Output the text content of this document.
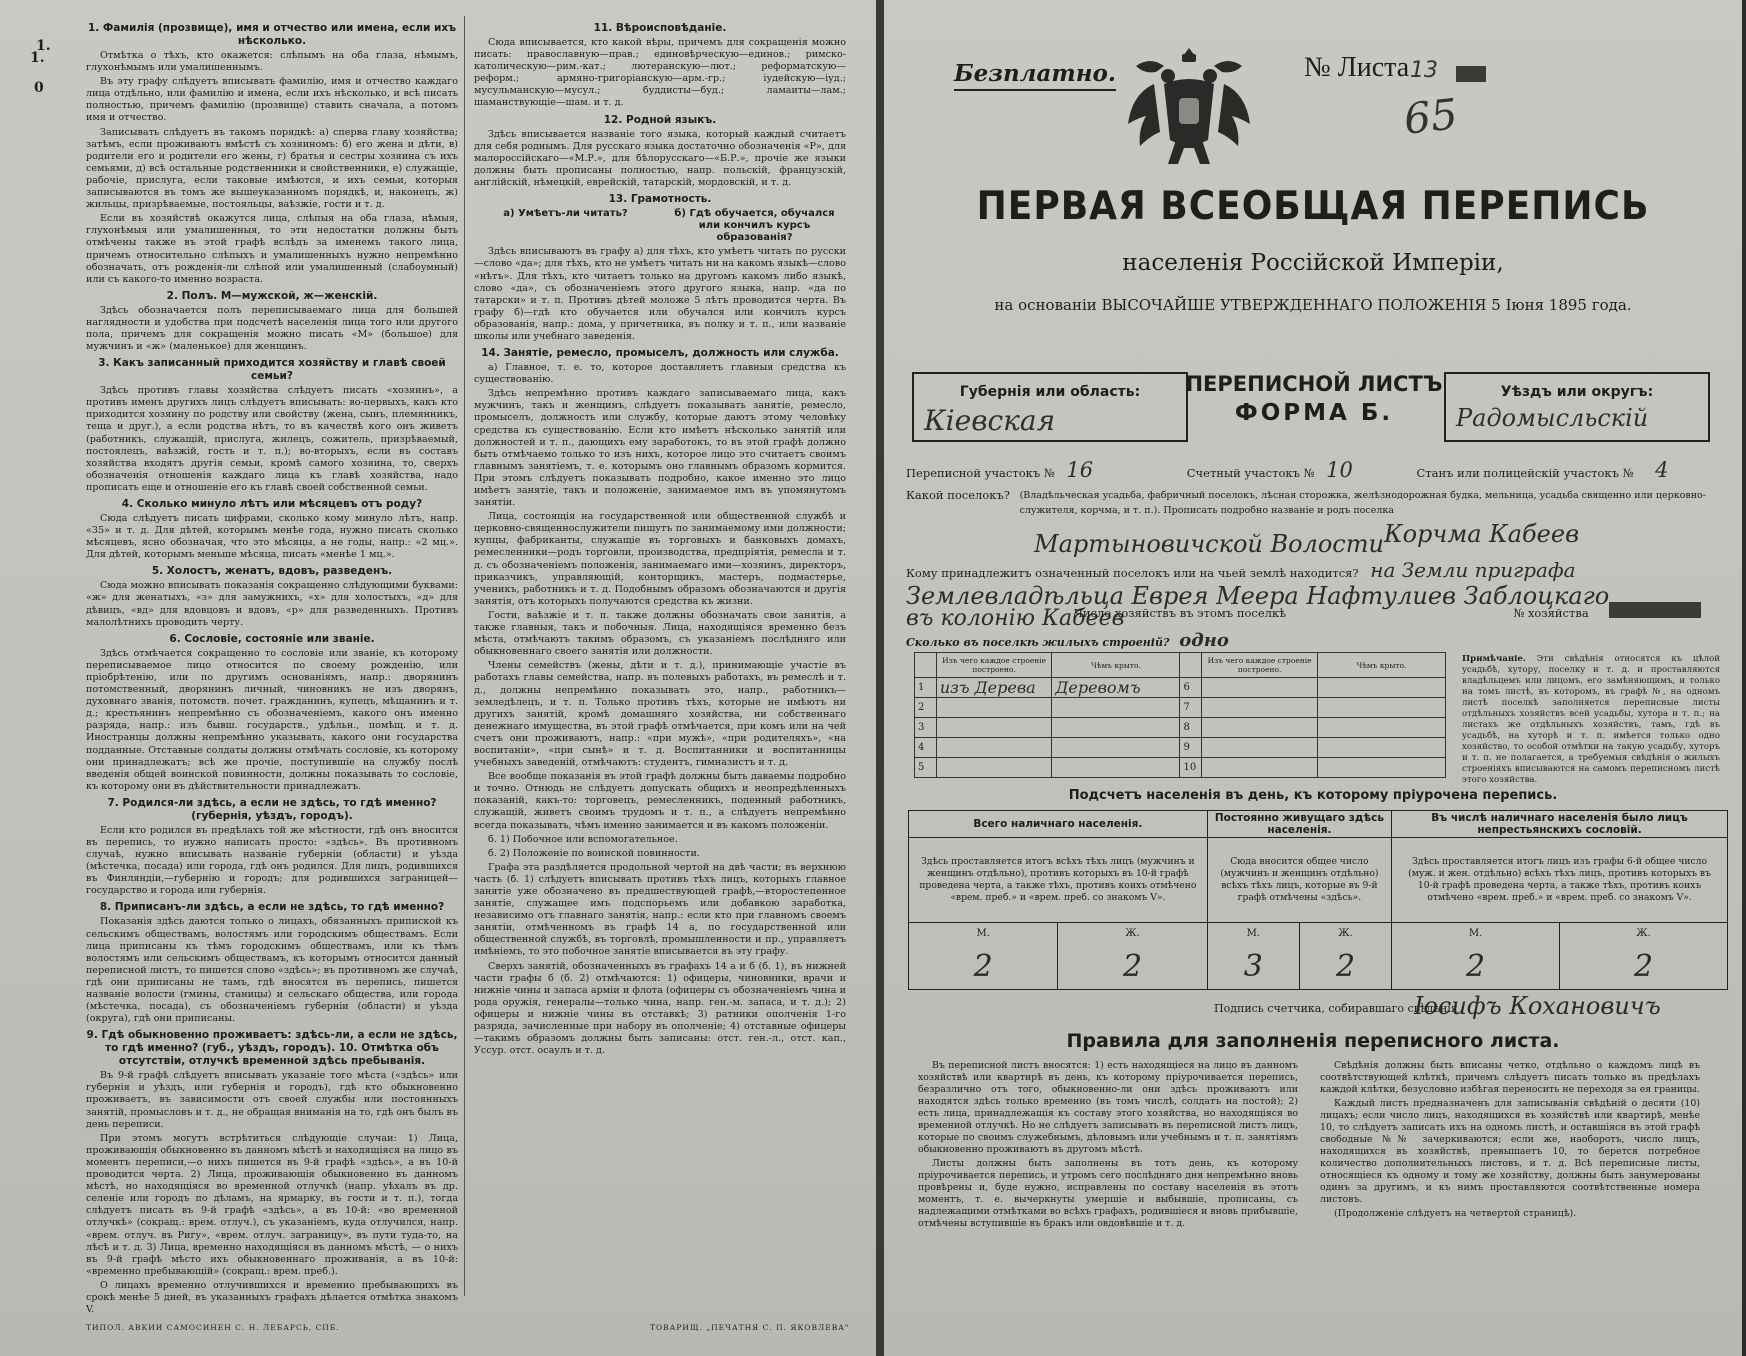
1.
1.
0
1. Фамилія (прозвище), имя и отчество или имена, если ихъ нѣсколько.

Отмѣтка о тѣхъ, кто окажется: слѣпымъ на оба глаза, нѣмымъ, глухонѣмымъ или умалишеннымъ.

Въ эту графу слѣдуетъ вписывать фамилію, имя и отчество каждаго лица отдѣльно, или фамилію и имена, если ихъ нѣсколько, и всѣ писать полностью, причемъ фамилію (прозвище) ставить сначала, а потомъ имя и отчество.

Записывать слѣдуетъ въ такомъ порядкѣ: а) сперва главу хозяйства; затѣмъ, если проживаютъ вмѣстѣ съ хозяиномъ: б) его жена и дѣти, в) родители его и родители его жены, г) братья и сестры хозяина съ ихъ семьями, д) всѣ остальные родственники и свойственники, е) служащіе, рабочіе, прислуга, если таковые имѣются, и ихъ семьи, которыя записываются въ томъ же вышеуказанномъ порядкѣ, и, наконецъ, ж) жильцы, призрѣваемые, постояльцы, ваѣзжіе, гости и т. д.

Если въ хозяйствѣ окажутся лица, слѣпыя на оба глаза, нѣмыя, глухонѣмыя или умалишенныя, то эти недостатки должны быть отмѣчены также въ этой графѣ вслѣдъ за именемъ такого лица, причемъ относительно слѣпыхъ и умалишенныхъ нужно непремѣнно обозначать, отъ рожденія-ли слѣпой или умалишенный (слабоумный) или съ какого-то именно возраста.

2. Полъ. М—мужской, ж—женскій.

Здѣсь обозначается полъ переписываемаго лица для большей наглядности и удобства при подсчетѣ населенія лица того или другого пола, причемъ для сокращенія можно писать «М» (большое) для мужчинъ и «ж» (маленькое) для женщинъ.

3. Какъ записанный приходится хозяйству и главѣ своей семьи?

Здѣсь противъ главы хозяйства слѣдуетъ писать «хозяинъ», а противъ именъ другихъ лицъ слѣдуетъ вписывать: во-первыхъ, какъ кто приходится хозяину по родству или свойству (жена, сынъ, племянникъ, теща и друг.), а если родства нѣтъ, то въ качествѣ кого онъ живетъ (работникъ, служащій, прислуга, жилецъ, сожитель, призрѣваемый, постоялецъ, ваѣзжій, гость и т. п.); во-вторыхъ, если въ составъ хозяйства входятъ другія семьи, кромѣ самого хозяина, то, сверхъ обозначенія отношенія каждаго лица къ главѣ хозяйства, надо прописать еще и отношеніе его къ главѣ своей собственной семьи.

4. Сколько минуло лѣтъ или мѣсяцевъ отъ роду?

Сюда слѣдуетъ писать цифрами, сколько кому минуло лѣтъ, напр. «35» и т. д. Для дѣтей, которымъ менѣе года, нужно писать сколько мѣсяцевъ, ясно обозначая, что это мѣсяцы, а не годы, напр.: «2 мц.». Для дѣтей, которымъ меньше мѣсяца, писать «менѣе 1 мц.».

5. Холостъ, женатъ, вдовъ, разведенъ.

Сюда можно вписывать показанія сокращенно слѣдующими буквами: «ж» для женатыхъ, «з» для замужнихъ, «х» для холостыхъ, «д» для дѣвицъ, «вд» для вдовцовъ и вдовъ, «р» для разведенныхъ. Противъ малолѣтнихъ проводить черту.

6. Сословіе, состояніе или званіе.

Здѣсь отмѣчается сокращенно то сословіе или званіе, къ которому переписываемое лицо относится по своему рожденію, или пріобрѣтенію, или по другимъ основаніямъ, напр.: дворянинъ потомственный, дворянинъ личный, чиновникъ не изъ дворянъ, духовнаго званія, потомств. почет. гражданинъ, купецъ, мѣщанинъ и т. д.; крестьянинъ непремѣнно съ обозначеніемъ, какого онъ именно разряда, напр.: изъ бывш. государств., удѣльн., помѣщ. и т. д. Иностранцы должны непремѣнно указывать, какого они государства подданные. Отставные солдаты должны отмѣчать сословіе, къ которому они принадлежатъ; всѣ же прочіе, поступившіе на службу послѣ введенія общей воинской повинности, должны показывать то сословіе, къ которому они въ дѣйствительности принадлежатъ.

7. Родился-ли здѣсь, а если не здѣсь, то гдѣ именно? (губернія, уѣздъ, городъ).

Если кто родился въ предѣлахъ той же мѣстности, гдѣ онъ вносится въ перепись, то нужно написать просто: «здѣсь». Въ противномъ случаѣ, нужно вписывать названіе губерніи (области) и уѣзда (мѣстечка, посада) или города, гдѣ онъ родился. Для лицъ, родившихся въ Финляндіи,—губернію и городъ; для родившихся заграницей—государство и города или губернія.

8. Приписанъ-ли здѣсь, а если не здѣсь, то гдѣ именно?

Показанія здѣсь даются только о лицахъ, обязанныхъ припиской къ сельскимъ обществамъ, волостямъ или городскимъ обществамъ. Если лица приписаны къ тѣмъ городскимъ обществамъ, или къ тѣмъ волостямъ или сельскимъ обществамъ, къ которымъ относится данный переписной листъ, то пишется слово «здѣсь»; въ противномъ же случаѣ, гдѣ они приписаны не тамъ, гдѣ вносятся въ перепись, пишется названіе волости (гмины, станицы) и сельскаго общества, или города (мѣстечка, посада), съ обозначеніемъ губерніи (области) и уѣзда (округа), гдѣ они приписаны.

9. Гдѣ обыкновенно проживаетъ: здѣсь-ли, а если не здѣсь, то гдѣ именно? (губ., уѣздъ, городъ). 10. Отмѣтка объ отсутствіи, отлучкѣ временной здѣсь пребыванія.

Въ 9-й графѣ слѣдуетъ вписывать указаніе того мѣста («здѣсь» или губернія и уѣздъ, или губернія и городъ), гдѣ кто обыкновенно проживаетъ, въ зависимости отъ своей службы или постоянныхъ занятій, промысловъ и т. д., не обращая вниманія на то, гдѣ онъ былъ въ день переписи.

При этомъ могутъ встрѣтиться слѣдующіе случаи: 1) Лица, проживающія обыкновенно въ данномъ мѣстѣ и находящіяся на лицо въ моментъ переписи,—о нихъ пишется въ 9-й графѣ «здѣсь», а въ 10-й проводится черта. 2) Лица, проживающія обыкновенно въ данномъ мѣстѣ, но находящіяся во временной отлучкѣ (напр. уѣхалъ въ др. селеніе или городъ по дѣламъ, на ярмарку, въ гости и т. п.), тогда слѣдуетъ писать въ 9-й графѣ «здѣсь», а въ 10-й: «во временной отлучкѣ» (сокращ.: врем. отлуч.), съ указаніемъ, куда отлучился, напр. «врем. отлуч. въ Ригу», «врем. отлуч. заграницу», въ пути туда-то, на лѣсѣ и т. д. 3) Лица, временно находящіяся въ данномъ мѣстѣ, — о нихъ въ 9-й графѣ мѣсто ихъ обыкновеннаго проживанія, а въ 10-й: «временно пребывающій» (сокращ.: врем. преб.).

О лицахъ временно отлучившихся и временно пребывающихъ въ срокѣ менѣе 5 дней, въ указанныхъ графахъ дѣлается отмѣтка знакомъ V.

11. Вѣроисповѣданіе.

Сюда вписывается, кто какой вѣры, причемъ для сокращенія можно писать: православную—прав.; единовѣрческую—единов.; римско-католическую—рим.-кат.; лютеранскую—лют.; реформатскую—реформ.; армяно-григоріанскую—арм.-гр.; іудейскую—іуд.; мусульманскую—мусул.; буддисты—буд.; ламаиты—лам.; шаманствующіе—шам. и т. д.

12. Родной языкъ.

Здѣсь вписывается названіе того языка, который каждый считаетъ для себя роднымъ. Для русскаго языка достаточно обозначенія «Р», для малороссійскаго—«М.Р.», для бѣлорусскаго—«Б.Р.», прочіе же языки должны быть прописаны полностью, напр. польскій, французскій, англійскій, нѣмецкій, еврейскій, татарскій, мордовскій, и т. д.

13. Грамотность.
а) Умѣетъ-ли читать?	б) Гдѣ обучается, обучался или кончилъ курсъ образованія?

Здѣсь вписываютъ въ графу а) для тѣхъ, кто умѣетъ читать по русски—слово «да»; для тѣхъ, кто не умѣетъ читать ни на какомъ языкѣ—слово «нѣтъ». Для тѣхъ, кто читаетъ только на другомъ какомъ либо языкѣ, слово «да», съ обозначеніемъ этого другого языка, напр. «да по татарски» и т. п. Противъ дѣтей моложе 5 лѣтъ проводится черта. Въ графу б)—гдѣ кто обучается или обучался или кончилъ курсъ образованія, напр.: дома, у причетника, въ полку и т. п., или названіе школы или учебнаго заведенія.

14. Занятіе, ремесло, промыселъ, должность или служба.

а) Главное, т. е. то, которое доставляетъ главныя средства къ существованію.

Здѣсь непремѣнно противъ каждаго записываемаго лица, какъ мужчинъ, такъ и женщинъ, слѣдуетъ показывать занятіе, ремесло, промыселъ, должность или службу, которые даютъ этому человѣку средства къ существованію. Если кто имѣетъ нѣсколько занятій или должностей и т. п., дающихъ ему заработокъ, то въ этой графѣ должно быть отмѣчаемо только то изъ нихъ, которое лицо это считаетъ своимъ главнымъ занятіемъ, т. е. которымъ оно главнымъ образомъ кормится. При этомъ слѣдуетъ показывать подробно, какое именно это лицо имѣетъ занятіе, такъ и положеніе, занимаемое имъ въ упомянутомъ занятіи.

Лица, состоящія на государственной или общественной службѣ и церковно-священнослужители пишутъ по занимаемому ими должности; купцы, фабриканты, служащіе въ торговыхъ и банковыхъ домахъ, ремесленники—родъ торговли, производства, предпріятія, ремесла и т. д. съ обозначеніемъ положенія, занимаемаго ими—хозяинъ, директоръ, приказчикъ, управляющій, конторщикъ, мастеръ, подмастерье, ученикъ, работникъ и т. д. Подобнымъ образомъ обозначаются и другія занятія, отъ которыхъ получаются средства къ жизни.

Гости, ваѣзжіе и т. п. также должны обозначать свои занятія, а также главныя, такъ и побочныя. Лица, находящіяся временно безъ мѣста, отмѣчаютъ такимъ образомъ, съ указаніемъ послѣдняго или обыкновеннаго своего занятія или должности.

Члены семействъ (жены, дѣти и т. д.), принимающіе участіе въ работахъ главы семейства, напр. въ полевыхъ работахъ, въ ремеслѣ и т. д., должны непремѣнно показывать это, напр., работникъ—земледѣлецъ, и т. п. Только противъ тѣхъ, которые не имѣютъ ни другихъ занятій, кромѣ домашняго хозяйства, ни собственнаго денежнаго имущества, въ этой графѣ отмѣчается, при комъ или на чей счетъ они проживаютъ, напр.: «при мужѣ», «при родителяхъ», «на воспитаніи», «при сынѣ» и т. д. Воспитанники и воспитанницы учебныхъ заведеній, отмѣчаютъ: студентъ, гимназистъ и т. д.

Все вообще показанія въ этой графѣ должны быть даваемы подробно и точно. Отнюдь не слѣдуетъ допускать общихъ и неопредѣленныхъ показаній, какъ-то: торговецъ, ремесленникъ, поденный работникъ, служащій, живетъ своимъ трудомъ и т. п., а слѣдуетъ непремѣнно всегда показывать, чѣмъ именно занимается и въ какомъ положеніи.

б. 1) Побочное или вспомогательное.

б. 2) Положеніе по воинской повинности.

Графа эта раздѣляется продольной чертой на двѣ части; въ верхнюю часть (б. 1) слѣдуетъ вписывать противъ тѣхъ лицъ, которыхъ главное занятіе уже обозначено въ предшествующей графѣ,—второстепенное занятіе, служащее имъ подспорьемъ или добавкою заработка, независимо отъ главнаго занятія, напр.: если кто при главномъ своемъ занятіи, отмѣченномъ въ графѣ 14 а, по государственной или общественной службѣ, въ торговлѣ, промышленности и пр., управляетъ имѣніемъ, то это побочное занятіе вписывается въ эту графу.

Сверхъ занятій, обозначенныхъ въ графахъ 14 а и б (б. 1), въ нижней части графы б (б. 2) отмѣчаются: 1) офицеры, чиновники, врачи и нижніе чины и запаса арміи и флота (офицеры съ обозначеніемъ чина и рода оружія, генералы—только чина, напр. ген.-м. запаса, и т. д.); 2) офицеры и нижніе чины въ отставкѣ; 3) ратники ополченія 1-го разряда, зачисленные при набору въ ополченіе; 4) отставные офицеры—такимъ образомъ должны быть записаны: отст. ген.-л., отст. кап., Уссур. отст. осаулъ и т. д.

ТИПОЛ. АВКИИ САМОСИНЕН С. Н. ЛЕБАРСЬ, СПБ.	ТОВАРИЩ. „ПЕЧАТНЯ С. П. ЯКОВЛЕВА"
Безплатно.	№ Листа 13
65
ПЕРВАЯ ВСЕОБЩАЯ ПЕРЕПИСЬ
населенія Россійской Имперіи,
на основаніи ВЫСОЧАЙШЕ УТВЕРЖДЕННАГО ПОЛОЖЕНІЯ 5 Іюня 1895 года.
Губернія или область:
Кіевская
ПЕРЕПИСНОЙ ЛИСТЪ
ФОРМА Б.
Уѣздъ или округъ:
Радомысльскій
Переписной участокъ № 16	Счетный участокъ № 10	Станъ или полицейскій участокъ № 4
Какой поселокъ? (Владѣльческая усадьба, фабричный поселокъ, лѣсная сторожка, желѣзнодорожная будка, мельница, усадьба священно или церковно-служителя, корчма, и т. п.). Прописать подробно названіе и родъ поселка
Корчма Кабеев
Мартыновичской Волости
Кому принадлежитъ означенный поселокъ или на чьей землѣ находится? на Земли приграфа
Землевладѣльца Еврея Меера Нафтулиев Заблоцкаго
въ колонію Кабеев
Число хозяйствъ въ этомъ поселкѣ	№ хозяйства
Сколько въ поселкѣ жилыхъ строеній? одно
	Изъ чего каждое строеніе построено.	Чѣмъ крыто.		Изъ чего каждое строеніе построено.	Чѣмъ крыто.
1	изъ Дерева	Деревомъ	6		
2			7		
3			8		
4			9		
5			10		
Примѣчаніе. Эти свѣдѣнія относятся къ цѣлой усадьбѣ, хутору, поселку и т. д. и проставляются владѣльцемъ или лицомъ, его замѣняющимъ, и только на томъ листѣ, въ которомъ, въ графѣ №, на одномъ листѣ поселкѣ заполняется переписные листы отдѣльныхъ хозяйствъ всей усадьбы, хутора и т. п.; на листахъ же отдѣльныхъ хозяйствъ, тамъ, гдѣ въ усадьбѣ, на хуторѣ и т. п. имѣется только одно хозяйство, то особой отмѣтки на такую усадьбу, хуторъ и т. п. не полагается, а требуемыя свѣдѣнія о жилыхъ строеніяхъ вписываются на самомъ переписномъ листѣ этого хозяйства.
Подсчетъ населенія въ день, къ которому пріурочена перепись.
Всего наличнаго населенія.		Постоянно живущаго здѣсь населенія.		Въ числѣ наличнаго населенія было лицъ непрестьянскихъ сословій.	
Здѣсь проставляется итогъ всѣхъ тѣхъ лицъ (мужчинъ и женщинъ отдѣльно), противъ которыхъ въ 10-й графѣ проведена черта, а также тѣхъ, противъ коихъ отмѣчено «врем. преб.» и «врем. преб. со знакомъ V».		Сюда вносится общее число (мужчинъ и женщинъ отдѣльно) всѣхъ тѣхъ лицъ, которые въ 9-й графѣ отмѣчены «здѣсь».		Здѣсь проставляется итогъ лицъ изъ графы 6-й общее число (муж. и жен. отдѣльно) всѣхъ тѣхъ лицъ, противъ которыхъ въ 10-й графѣ проведена черта, а также тѣхъ, противъ коихъ отмѣчено «врем. преб.» и «врем. преб. со знакомъ V».	
М.	Ж.	М.	Ж.	М.	Ж.
2	2	3	2	2	2
Подпись счетчика, собиравшаго свѣдѣнія
Іосифъ Кохановичъ
Правила для заполненія переписного листа.

Въ переписной листъ вносятся: 1) есть находящіеся на лицо въ данномъ хозяйствѣ или квартирѣ въ день, къ которому пріурочивается перепись, безразлично отъ того, обыкновенно-ли они здѣсь проживаютъ или находятся здѣсь только временно (въ томъ числѣ, солдатъ на постой); 2) есть лица, принадлежащія къ составу этого хозяйства, но находящіяся во временной отлучкѣ. Но не слѣдуетъ записывать въ переписной листъ лицъ, которые по своимъ служебнымъ, дѣловымъ или учебнымъ и т. п. занятіямъ обыкновенно проживаютъ въ другомъ мѣстѣ.

Листы должны быть заполнены въ тотъ день, къ которому пріурочивается перепись, и утромъ сего послѣдняго дня непремѣнно вновь провѣрены и, буде нужно, исправлены по составу населенія въ этотъ моментъ, т. е. вычеркнуты умершіе и выбывшіе, прописаны, съ надлежащими отмѣтками во всѣхъ графахъ, родившіеся и вновь прибывшіе, отмѣчены вступившіе въ бракъ или овдовѣвшіе и т. д.

Свѣдѣнія должны быть вписаны четко, отдѣльно о каждомъ лицѣ въ соотвѣтствующей клѣткѣ, причемъ слѣдуетъ писать только въ предѣлахъ каждой клѣтки, безусловно избѣгая переносить не переходя за ея границы.

Каждый листъ предназначенъ для записыванія свѣдѣній о десяти (10) лицахъ; если число лицъ, находящихся въ хозяйствѣ или квартирѣ, менѣе 10, то слѣдуетъ записать ихъ на одномъ листѣ, и оставшіяся въ этой графѣ свободные №№ зачеркиваются; если же, наоборотъ, число лицъ, находящихся въ хозяйствѣ, превышаетъ 10, то берется потребное количество дополнительныхъ листовъ, и т. д. Всѣ переписные листы, относящіеся къ одному и тому же хозяйству, должны быть занумерованы одинъ за другимъ, и къ нимъ проставляются соотвѣтственные номера листовъ.

(Продолженіе слѣдуетъ на четвертой страницѣ).
